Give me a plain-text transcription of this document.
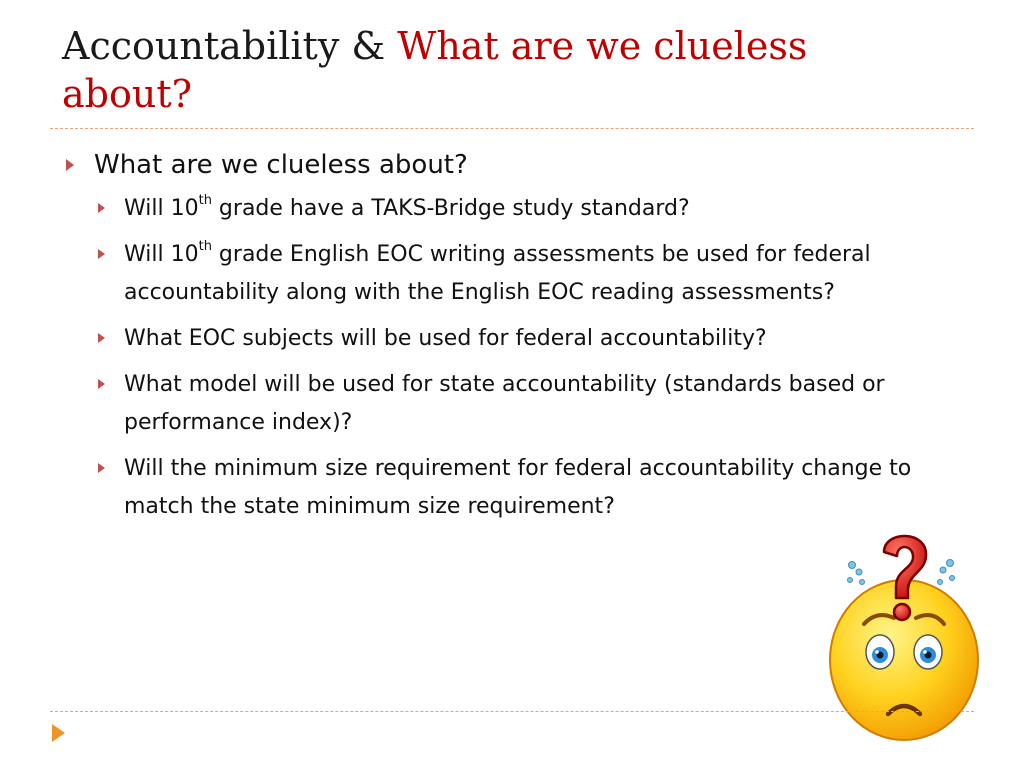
Accountability & What are we clueless about?
What are we clueless about?
Will 10th grade have a TAKS-Bridge study standard?
Will 10th grade English EOC writing assessments be used for federal accountability along with the English EOC reading assessments?
What EOC subjects will be used for federal accountability?
What model will be used for state accountability (standards based or performance index)?
Will the minimum size requirement for federal accountability change to match the state minimum size requirement?
